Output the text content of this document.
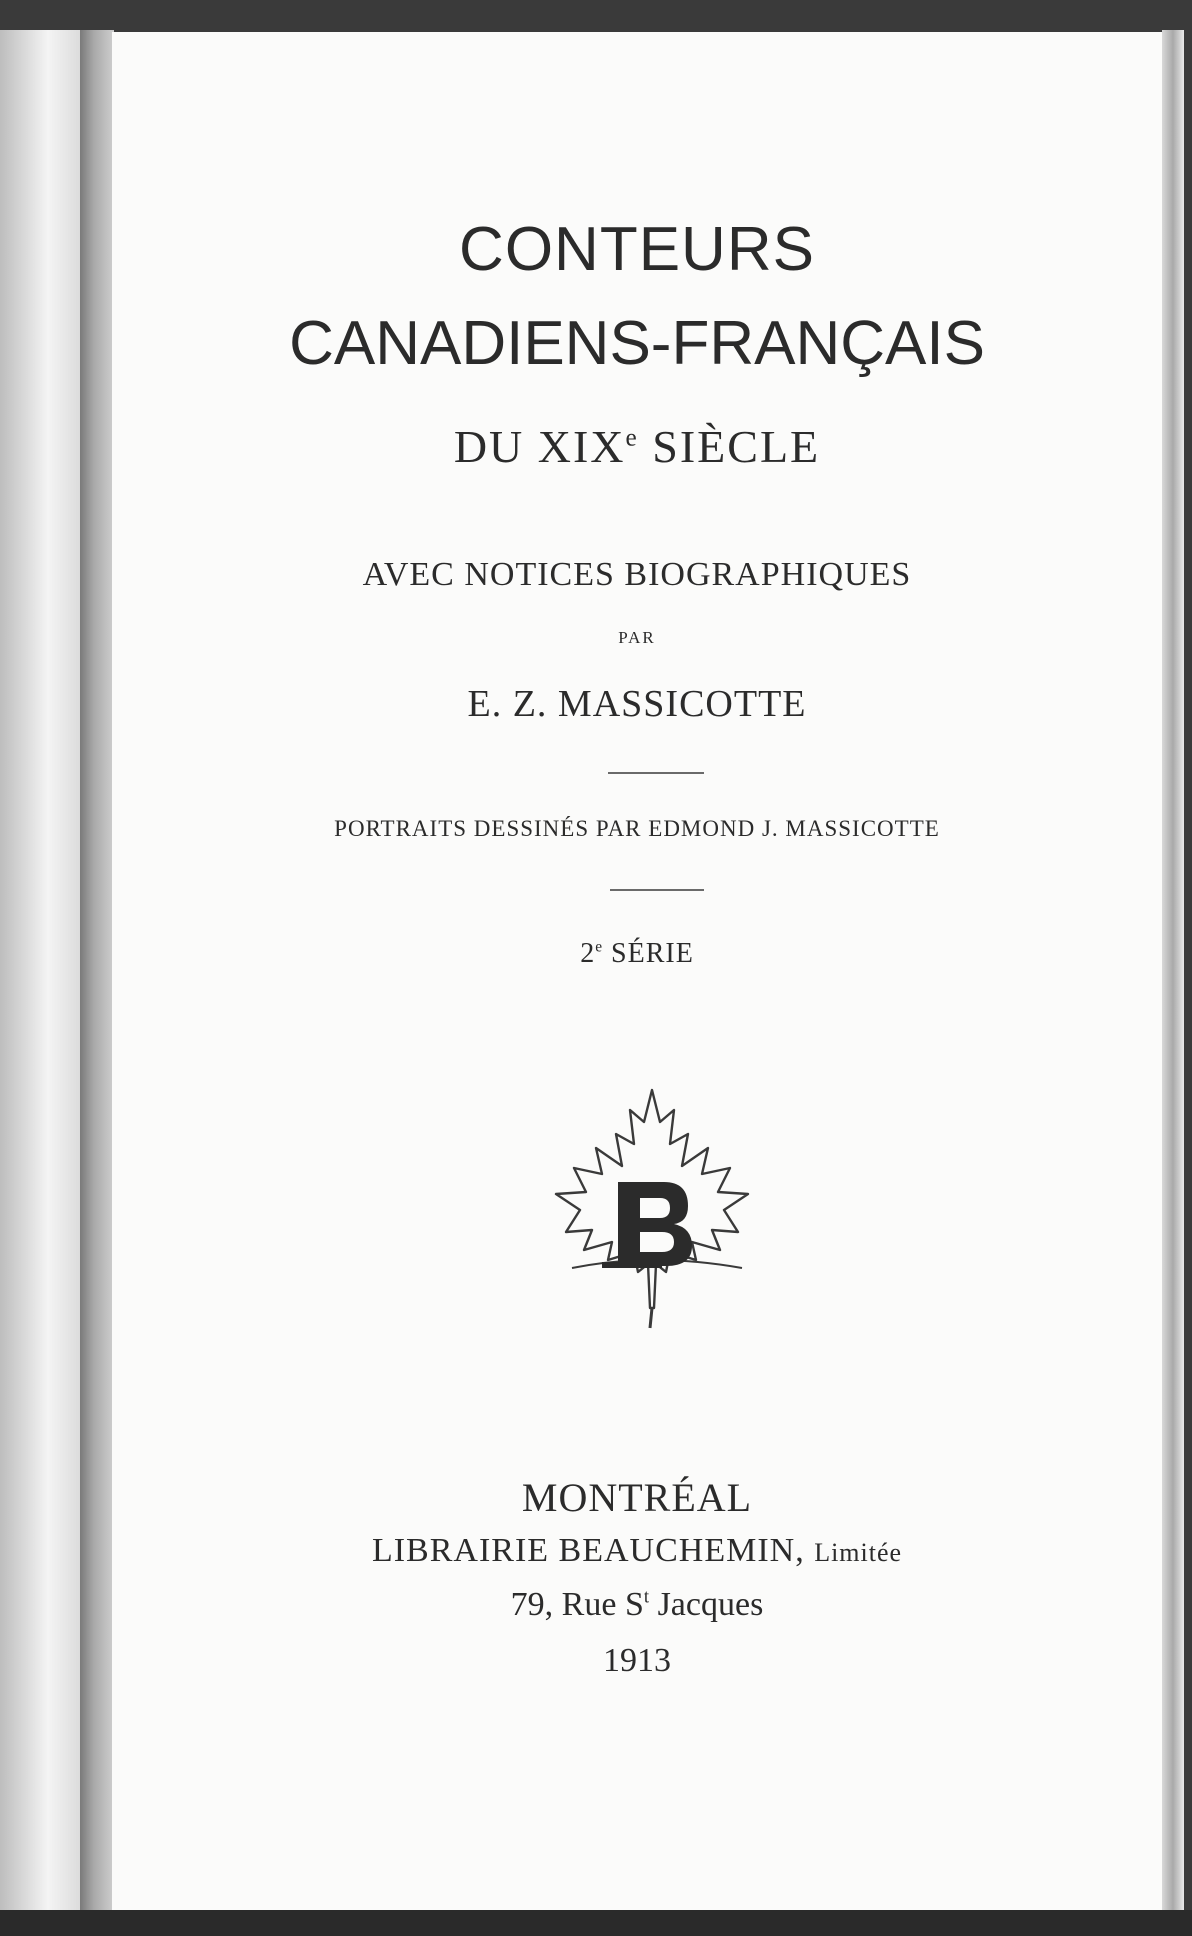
CONTEURS

CANADIENS-FRANÇAIS

DU XIXe SIÈCLE

AVEC NOTICES BIOGRAPHIQUES

PAR

E. Z. MASSICOTTE

PORTRAITS DESSINÉS PAR EDMOND J. MASSICOTTE

2e SÉRIE

MONTRÉAL

LIBRAIRIE BEAUCHEMIN, Limitée

79, Rue $S^t$ Jacques

1913
